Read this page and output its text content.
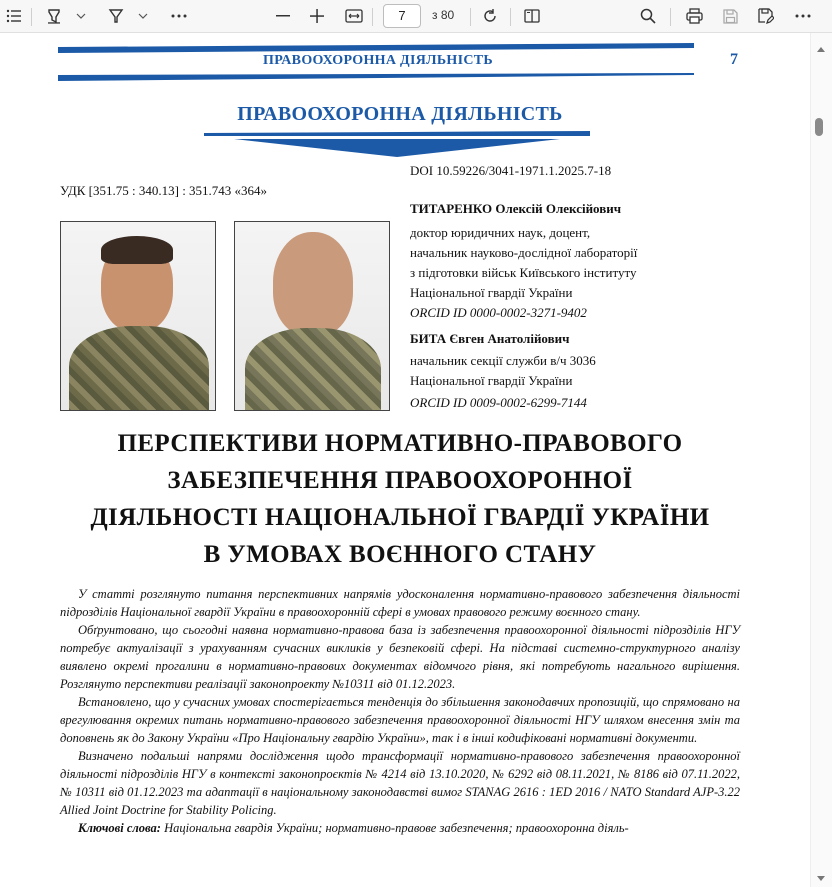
7	з 80
ПРАВООХОРОННА ДІЯЛЬНІСТЬ	7
ПРАВООХОРОННА ДІЯЛЬНІСТЬ
DOI 10.59226/3041-1971.1.2025.7-18
УДК [351.75 : 340.13] : 351.743 «364»
ТИТАРЕНКО Олексій Олексійович
доктор юридичних наук, доцент,
начальник науково-дослідної лабораторії
з підготовки військ Київського інституту
Національної гвардії України
ORCID ID 0000-0002-3271-9402
БИТА Євген Анатолійович
начальник секції служби в/ч 3036
Національної гвардії України
ORCID ID 0009-0002-6299-7144
ПЕРСПЕКТИВИ НОРМАТИВНО-ПРАВОВОГО
ЗАБЕЗПЕЧЕННЯ ПРАВООХОРОННОЇ
ДІЯЛЬНОСТІ НАЦІОНАЛЬНОЇ ГВАРДІЇ УКРАЇНИ
В УМОВАХ ВОЄННОГО СТАНУ

У статті розглянуто питання перспективних напрямів удосконалення нормативно-правового забезпечення діяльності підрозділів Національної гвардії України в правоохоронній сфері в умовах правового режиму воєнного стану.

Обґрунтовано, що сьогодні наявна нормативно-правова база із забезпечення правоохоронної діяльності підрозділів НГУ потребує актуалізації з урахуванням сучасних викликів у безпековій сфері. На підставі системно-структурного аналізу виявлено окремі прогалини в нормативно-правових документах відомчого рівня, які потребують нагального вирішення. Розглянуто перспективи реалізації законопроекту №10311 від 01.12.2023.

Встановлено, що у сучасних умовах спостерігається тенденція до збільшення законодавчих пропозицій, що спрямовано на врегулювання окремих питань нормативно-правового забезпечення правоохоронної діяльності НГУ шляхом внесення змін та доповнень як до Закону України «Про Національну гвардію України», так і в інші кодифіковані нормативні документи.

Визначено подальші напрями дослідження щодо трансформації нормативно-правового забезпечення правоохоронної діяльності підрозділів НГУ в контексті законопроєктів № 4214 від 13.10.2020, № 6292 від 08.11.2021, № 8186 від 07.11.2022, № 10311 від 01.12.2023 та адаптації в національному законодавстві вимог STANAG 2616 : 1ED 2016 / NATO Standard AJP-3.22 Allied Joint Doctrine for Stability Policing.

Ключові слова: Національна гвардія України; нормативно-правове забезпечення; правоохоронна діяль-
